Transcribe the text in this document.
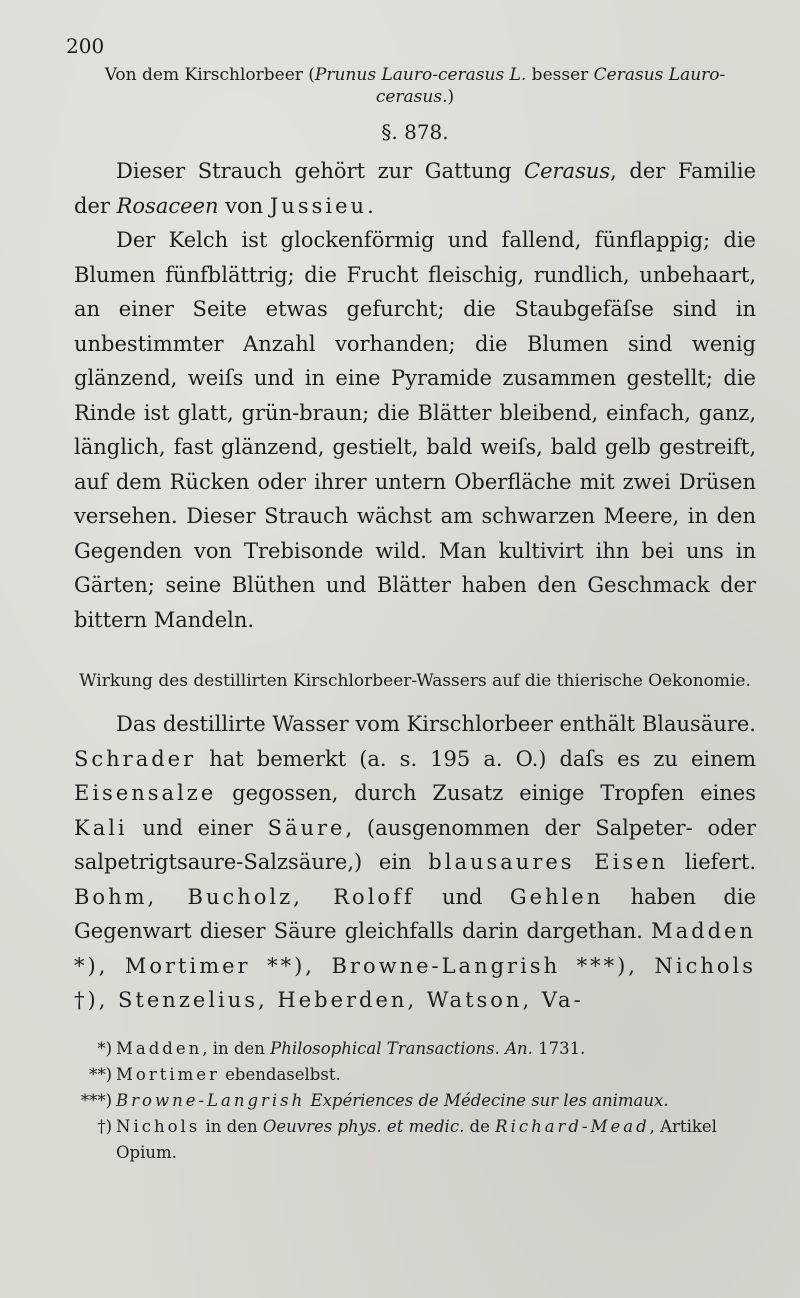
200
Von dem Kirschlorbeer (Prunus Lauro-cerasus L. besser Cerasus Lauro-cerasus.)
§. 878.

Dieser Strauch gehört zur Gattung Cerasus, der Familie der Rosaceen von Jussieu.

Der Kelch ist glockenförmig und fallend, fünflappig; die Blumen fünfblättrig; die Frucht fleischig, rundlich, unbehaart, an einer Seite etwas gefurcht; die Staubgefäſse sind in unbestimmter Anzahl vorhanden; die Blumen sind wenig glänzend, weiſs und in eine Pyramide zusammen gestellt; die Rinde ist glatt, grün-braun; die Blätter bleibend, einfach, ganz, länglich, fast glänzend, gestielt, bald weiſs, bald gelb gestreift, auf dem Rücken oder ihrer untern Oberfläche mit zwei Drüsen versehen. Dieser Strauch wächst am schwarzen Meere, in den Gegenden von Trebisonde wild. Man kultivirt ihn bei uns in Gärten; seine Blüthen und Blätter haben den Geschmack der bittern Mandeln.

Wirkung des destillirten Kirschlorbeer-Wassers auf die thierische Oekonomie.

Das destillirte Wasser vom Kirschlorbeer enthält Blausäure. Schrader hat bemerkt (a. s. 195 a. O.) daſs es zu einem Eisensalze gegossen, durch Zusatz einige Tropfen eines Kali und einer Säure, (ausgenommen der Salpeter- oder salpetrigtsaure-Salzsäure,) ein blausaures Eisen liefert. Bohm, Bucholz, Roloff und Gehlen haben die Gegenwart dieser Säure gleichfalls darin dargethan. Madden *), Mortimer **), Browne-Langrish ***), Nichols †), Stenzelius, Heberden, Watson, Va-

*) Madden, in den Philosophical Transactions. An. 1731.
**) Mortimer ebendaselbst.
***) Browne-Langrish Expériences de Médecine sur les animaux.
†) Nichols in den Oeuvres phys. et medic. de Richard-Mead, Artikel Opium.
